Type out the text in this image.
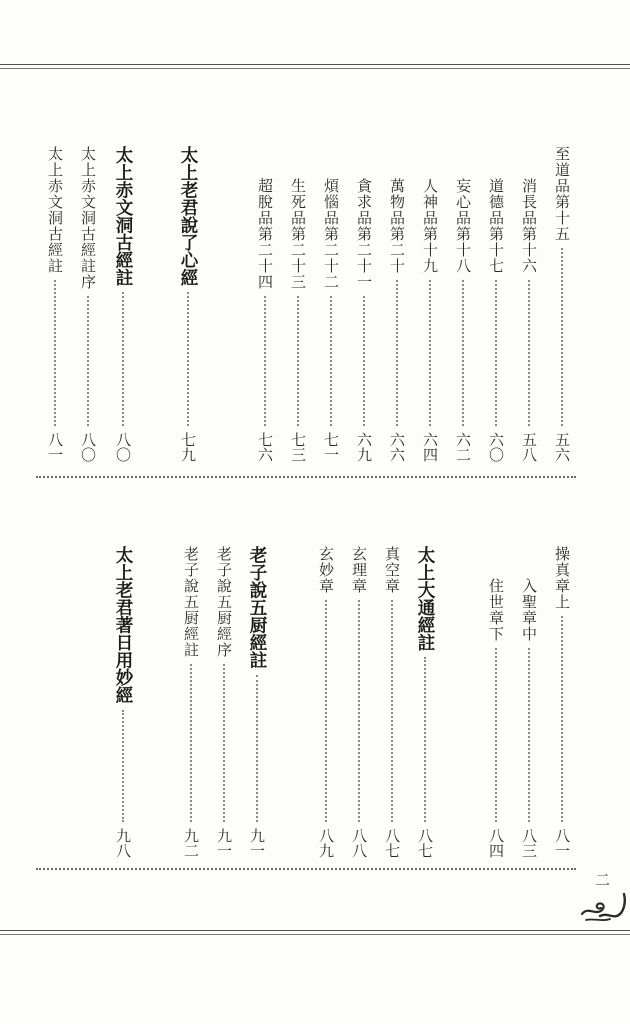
至道品第十五
五六
消長品第十六
五八
道德品第十七
六〇
妄心品第十八
六二
人神品第十九
六四
萬物品第二十
六六
貪求品第二十一
六九
煩惱品第二十二
七一
生死品第二十三
七三
超脫品第二十四
七六
太上老君說了心經
七九
太上赤文洞古經註
八〇
太上赤文洞古經註序
八〇
太上赤文洞古經註
八一
操真章上
八一
入聖章中
八三
住世章下
八四
太上大通經註
八七
真空章
八七
玄理章
八八
玄妙章
八九
老子說五厨經註
九一
老子說五厨經序
九一
老子說五厨經註
九二
太上老君著日用妙經
九八
二
